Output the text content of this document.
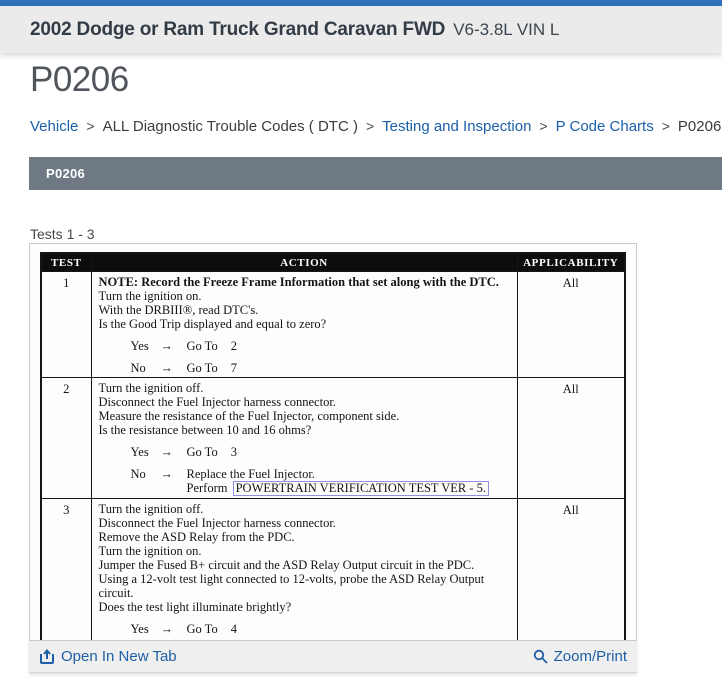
2002 Dodge or Ram Truck Grand Caravan FWD V6-3.8L VIN L
P0206
Vehicle > ALL Diagnostic Trouble Codes ( DTC ) > Testing and Inspection > P Code Charts > P0206
P0206
Tests 1 - 3
TEST	ACTION	APPLICABILITY
1	NOTE: Record the Freeze Frame Information that set along with the DTC.
Turn the ignition on.
With the DRBIII®, read DTC's.
Is the Good Trip displayed and equal to zero?
Yes →	Go To 2
No	→	Go To 7
	All
2	Turn the ignition off.
Disconnect the Fuel Injector harness connector.
Measure the resistance of the Fuel Injector, component side.
Is the resistance between 10 and 16 ohms?
Yes →	Go To 3
No	→	Replace the Fuel Injector.
Perform POWERTRAIN VERIFICATION TEST VER - 5.
	All
3	Turn the ignition off.
Disconnect the Fuel Injector harness connector.
Remove the ASD Relay from the PDC.
Turn the ignition on.
Jumper the Fused B+ circuit and the ASD Relay Output circuit in the PDC.
Using a 12-volt test light connected to 12-volts, probe the ASD Relay Output circuit.
Does the test light illuminate brightly?
Yes →	Go To 4
	All
Open In New Tab	Zoom/Print
